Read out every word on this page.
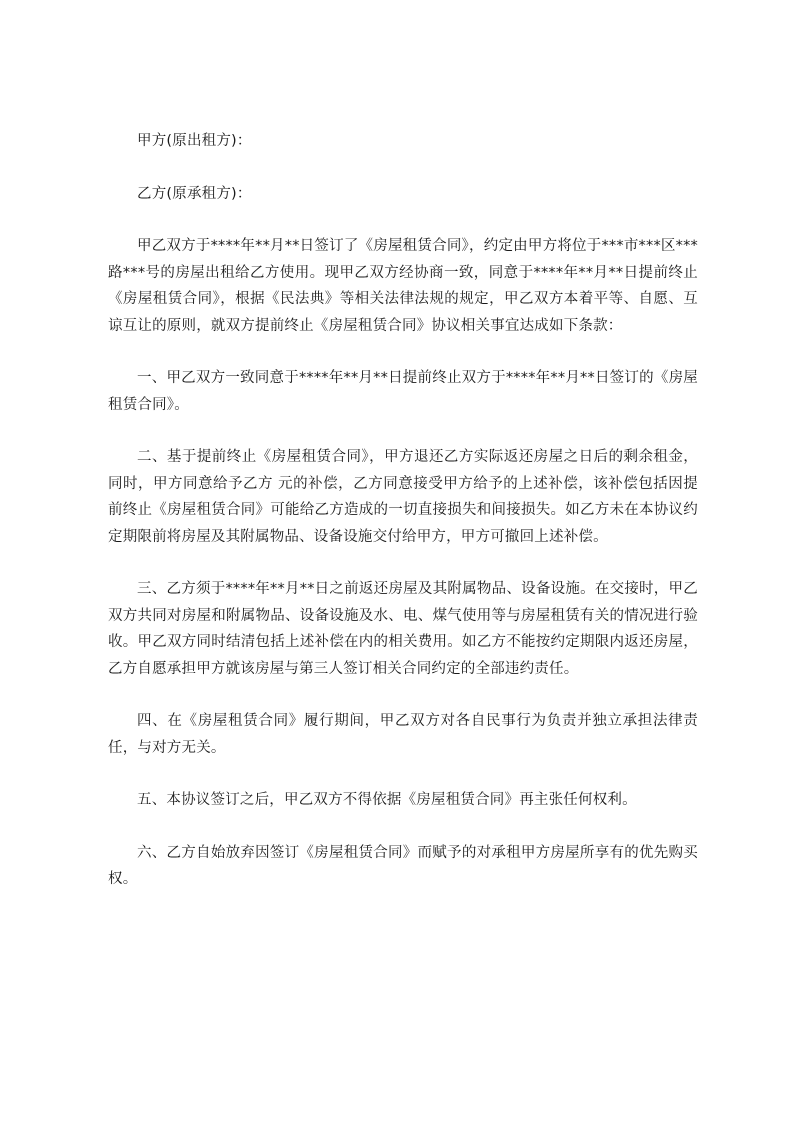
甲方(原出租方)：

乙方(原承租方)：

甲乙双方于****年**月**日签订了《房屋租赁合同》，约定由甲方将位于***市***区***路***号的房屋出租给乙方使用。现甲乙双方经协商一致，同意于****年**月**日提前终止《房屋租赁合同》，根据《民法典》等相关法律法规的规定，甲乙双方本着平等、自愿、互谅互让的原则，就双方提前终止《房屋租赁合同》协议相关事宜达成如下条款：

一、甲乙双方一致同意于****年**月**日提前终止双方于****年**月**日签订的《房屋租赁合同》。

二、基于提前终止《房屋租赁合同》，甲方退还乙方实际返还房屋之日后的剩余租金，同时，甲方同意给予乙方 元的补偿，乙方同意接受甲方给予的上述补偿，该补偿包括因提前终止《房屋租赁合同》可能给乙方造成的一切直接损失和间接损失。如乙方未在本协议约定期限前将房屋及其附属物品、设备设施交付给甲方，甲方可撤回上述补偿。

三、乙方须于****年**月**日之前返还房屋及其附属物品、设备设施。在交接时，甲乙双方共同对房屋和附属物品、设备设施及水、电、煤气使用等与房屋租赁有关的情况进行验收。甲乙双方同时结清包括上述补偿在内的相关费用。如乙方不能按约定期限内返还房屋，乙方自愿承担甲方就该房屋与第三人签订相关合同约定的全部违约责任。

四、在《房屋租赁合同》履行期间，甲乙双方对各自民事行为负责并独立承担法律责任，与对方无关。

五、本协议签订之后，甲乙双方不得依据《房屋租赁合同》再主张任何权利。

六、乙方自始放弃因签订《房屋租赁合同》而赋予的对承租甲方房屋所享有的优先购买权。
